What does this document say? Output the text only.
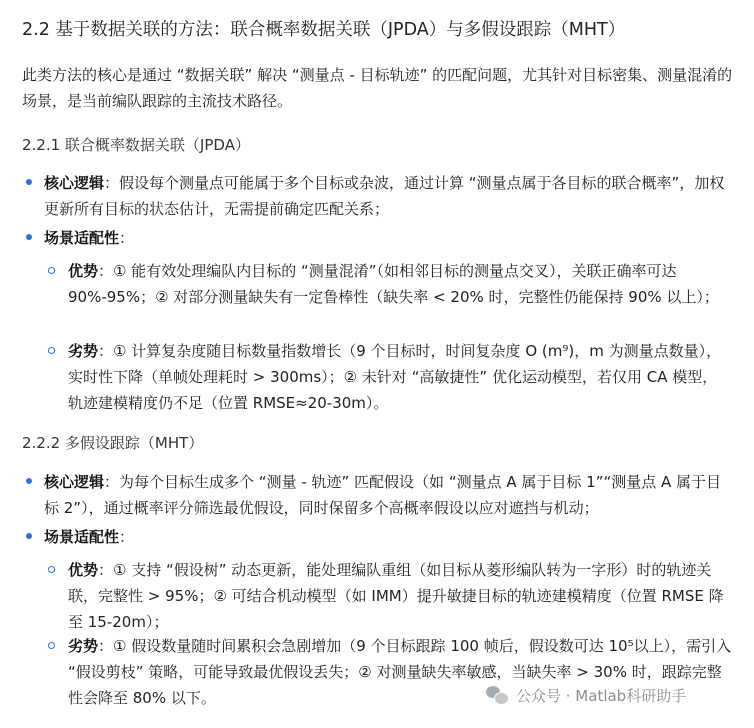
2.2 基于数据关联的方法：联合概率数据关联（JPDA）与多假设跟踪（MHT）
此类方法的核心是通过 “数据关联” 解决 “测量点 - 目标轨迹” 的匹配问题，尤其针对目标密集、测量混淆的场景，是当前编队跟踪的主流技术路径。
2.2.1 联合概率数据关联（JPDA）
核心逻辑：假设每个测量点可能属于多个目标或杂波，通过计算 “测量点属于各目标的联合概率”，加权更新所有目标的状态估计，无需提前确定匹配关系；
场景适配性：
优势：① 能有效处理编队内目标的 “测量混淆”（如相邻目标的测量点交叉），关联正确率可达 90%-95%；② 对部分测量缺失有一定鲁棒性（缺失率 < 20% 时，完整性仍能保持 90% 以上）；
劣势：① 计算复杂度随目标数量指数增长（9 个目标时，时间复杂度 O (m⁹)，m 为测量点数量），实时性下降（单帧处理耗时 > 300ms）；② 未针对 “高敏捷性” 优化运动模型，若仅用 CA 模型，轨迹建模精度仍不足（位置 RMSE≈20-30m）。
2.2.2 多假设跟踪（MHT）
核心逻辑：为每个目标生成多个 “测量 - 轨迹” 匹配假设（如 “测量点 A 属于目标 1”“测量点 A 属于目标 2”），通过概率评分筛选最优假设，同时保留多个高概率假设以应对遮挡与机动；
场景适配性：
优势：① 支持 “假设树” 动态更新，能处理编队重组（如目标从菱形编队转为一字形）时的轨迹关联，完整性 > 95%；② 可结合机动模型（如 IMM）提升敏捷目标的轨迹建模精度（位置 RMSE 降至 15-20m）；
劣势：① 假设数量随时间累积会急剧增加（9 个目标跟踪 100 帧后，假设数可达 10⁵以上），需引入 “假设剪枝” 策略，可能导致最优假设丢失；② 对测量缺失率敏感，当缺失率 > 30% 时，跟踪完整性会降至 80% 以下。	公众号 · Matlab科研助手
